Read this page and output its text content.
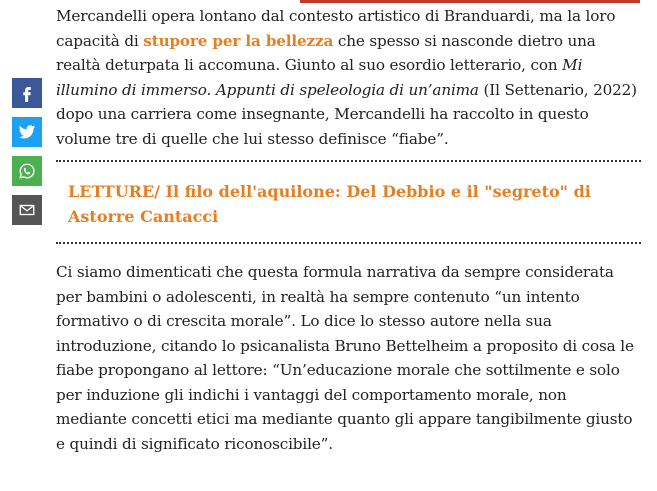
Mercandelli opera lontano dal contesto artistico di Branduardi, ma la loro capacità di stupore per la bellezza che spesso si nasconde dietro una realtà deturpata li accomuna. Giunto al suo esordio letterario, con Mi illumino di immerso. Appunti di speleologia di un’anima (Il Settenario, 2022) dopo una carriera come insegnante, Mercandelli ha raccolto in questo volume tre di quelle che lui stesso definisce “fiabe”.

LETTURE/ Il filo dell'aquilone: Del Debbio e il "segreto" di Astorre Cantacci

Ci siamo dimenticati che questa formula narrativa da sempre considerata per bambini o adolescenti, in realtà ha sempre contenuto “un intento formativo o di crescita morale”. Lo dice lo stesso autore nella sua introduzione, citando lo psicanalista Bruno Bettelheim a proposito di cosa le fiabe propongano al lettore: “Un’educazione morale che sottilmente e solo per induzione gli indichi i vantaggi del comportamento morale, non mediante concetti etici ma mediante quanto gli appare tangibilmente giusto e quindi di significato riconoscibile”.
